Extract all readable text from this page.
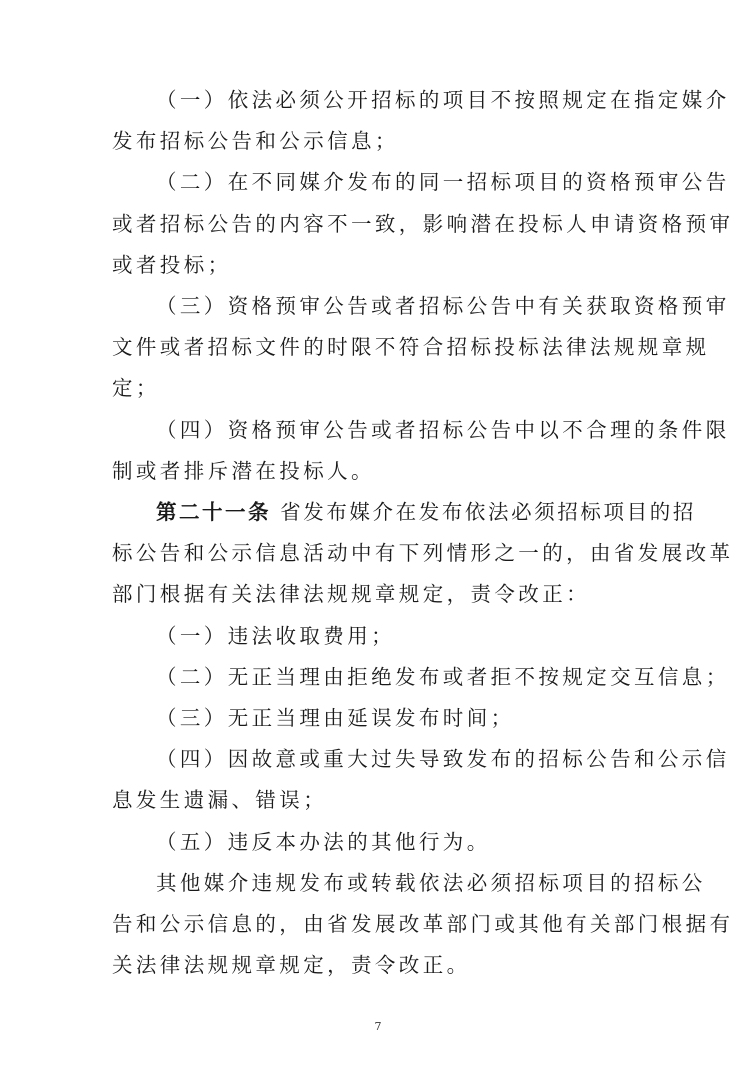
（一）依法必须公开招标的项目不按照规定在指定媒介
发布招标公告和公示信息；
（二）在不同媒介发布的同一招标项目的资格预审公告
或者招标公告的内容不一致，影响潜在投标人申请资格预审
或者投标；
（三）资格预审公告或者招标公告中有关获取资格预审
文件或者招标文件的时限不符合招标投标法律法规规章规
定；
（四）资格预审公告或者招标公告中以不合理的条件限
制或者排斥潜在投标人。
第二十一条 省发布媒介在发布依法必须招标项目的招
标公告和公示信息活动中有下列情形之一的，由省发展改革
部门根据有关法律法规规章规定，责令改正：
（一）违法收取费用；
（二）无正当理由拒绝发布或者拒不按规定交互信息；
（三）无正当理由延误发布时间；
（四）因故意或重大过失导致发布的招标公告和公示信
息发生遗漏、错误；
（五）违反本办法的其他行为。
其他媒介违规发布或转载依法必须招标项目的招标公
告和公示信息的，由省发展改革部门或其他有关部门根据有
关法律法规规章规定，责令改正。
7
